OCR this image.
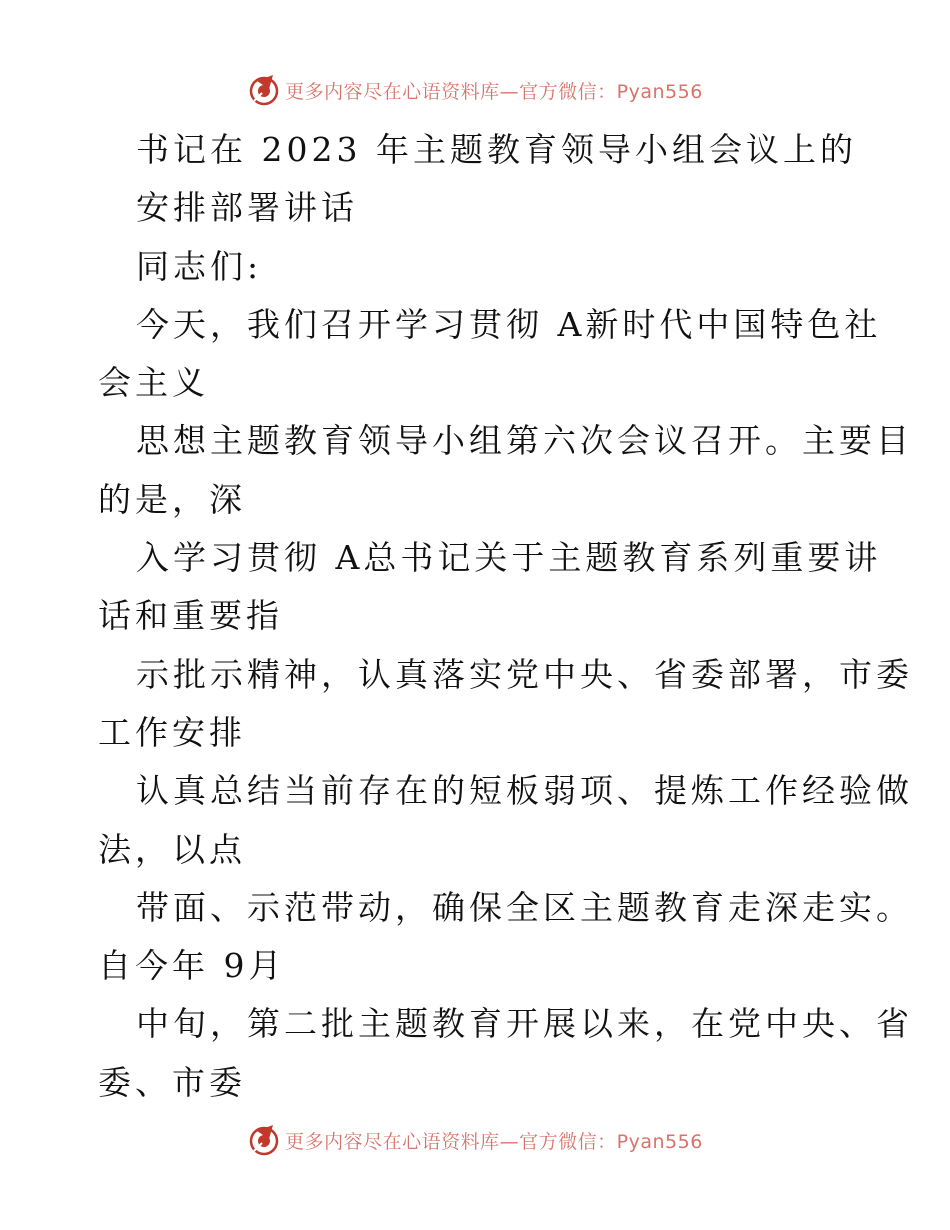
更多内容尽在心语资料库—官方微信：Pyan556
书记在 2023 年主题教育领导小组会议上的
安排部署讲话
同志们:
今天，我们召开学习贯彻 A新时代中国特色社
会主义
思想主题教育领导小组第六次会议召开。主要目
的是，深
入学习贯彻 A总书记关于主题教育系列重要讲
话和重要指
示批示精神，认真落实党中央、省委部署，市委
工作安排
认真总结当前存在的短板弱项、提炼工作经验做
法，以点
带面、示范带动，确保全区主题教育走深走实。
自今年 9月
中旬，第二批主题教育开展以来，在党中央、省
委、市委
更多内容尽在心语资料库—官方微信：Pyan556
